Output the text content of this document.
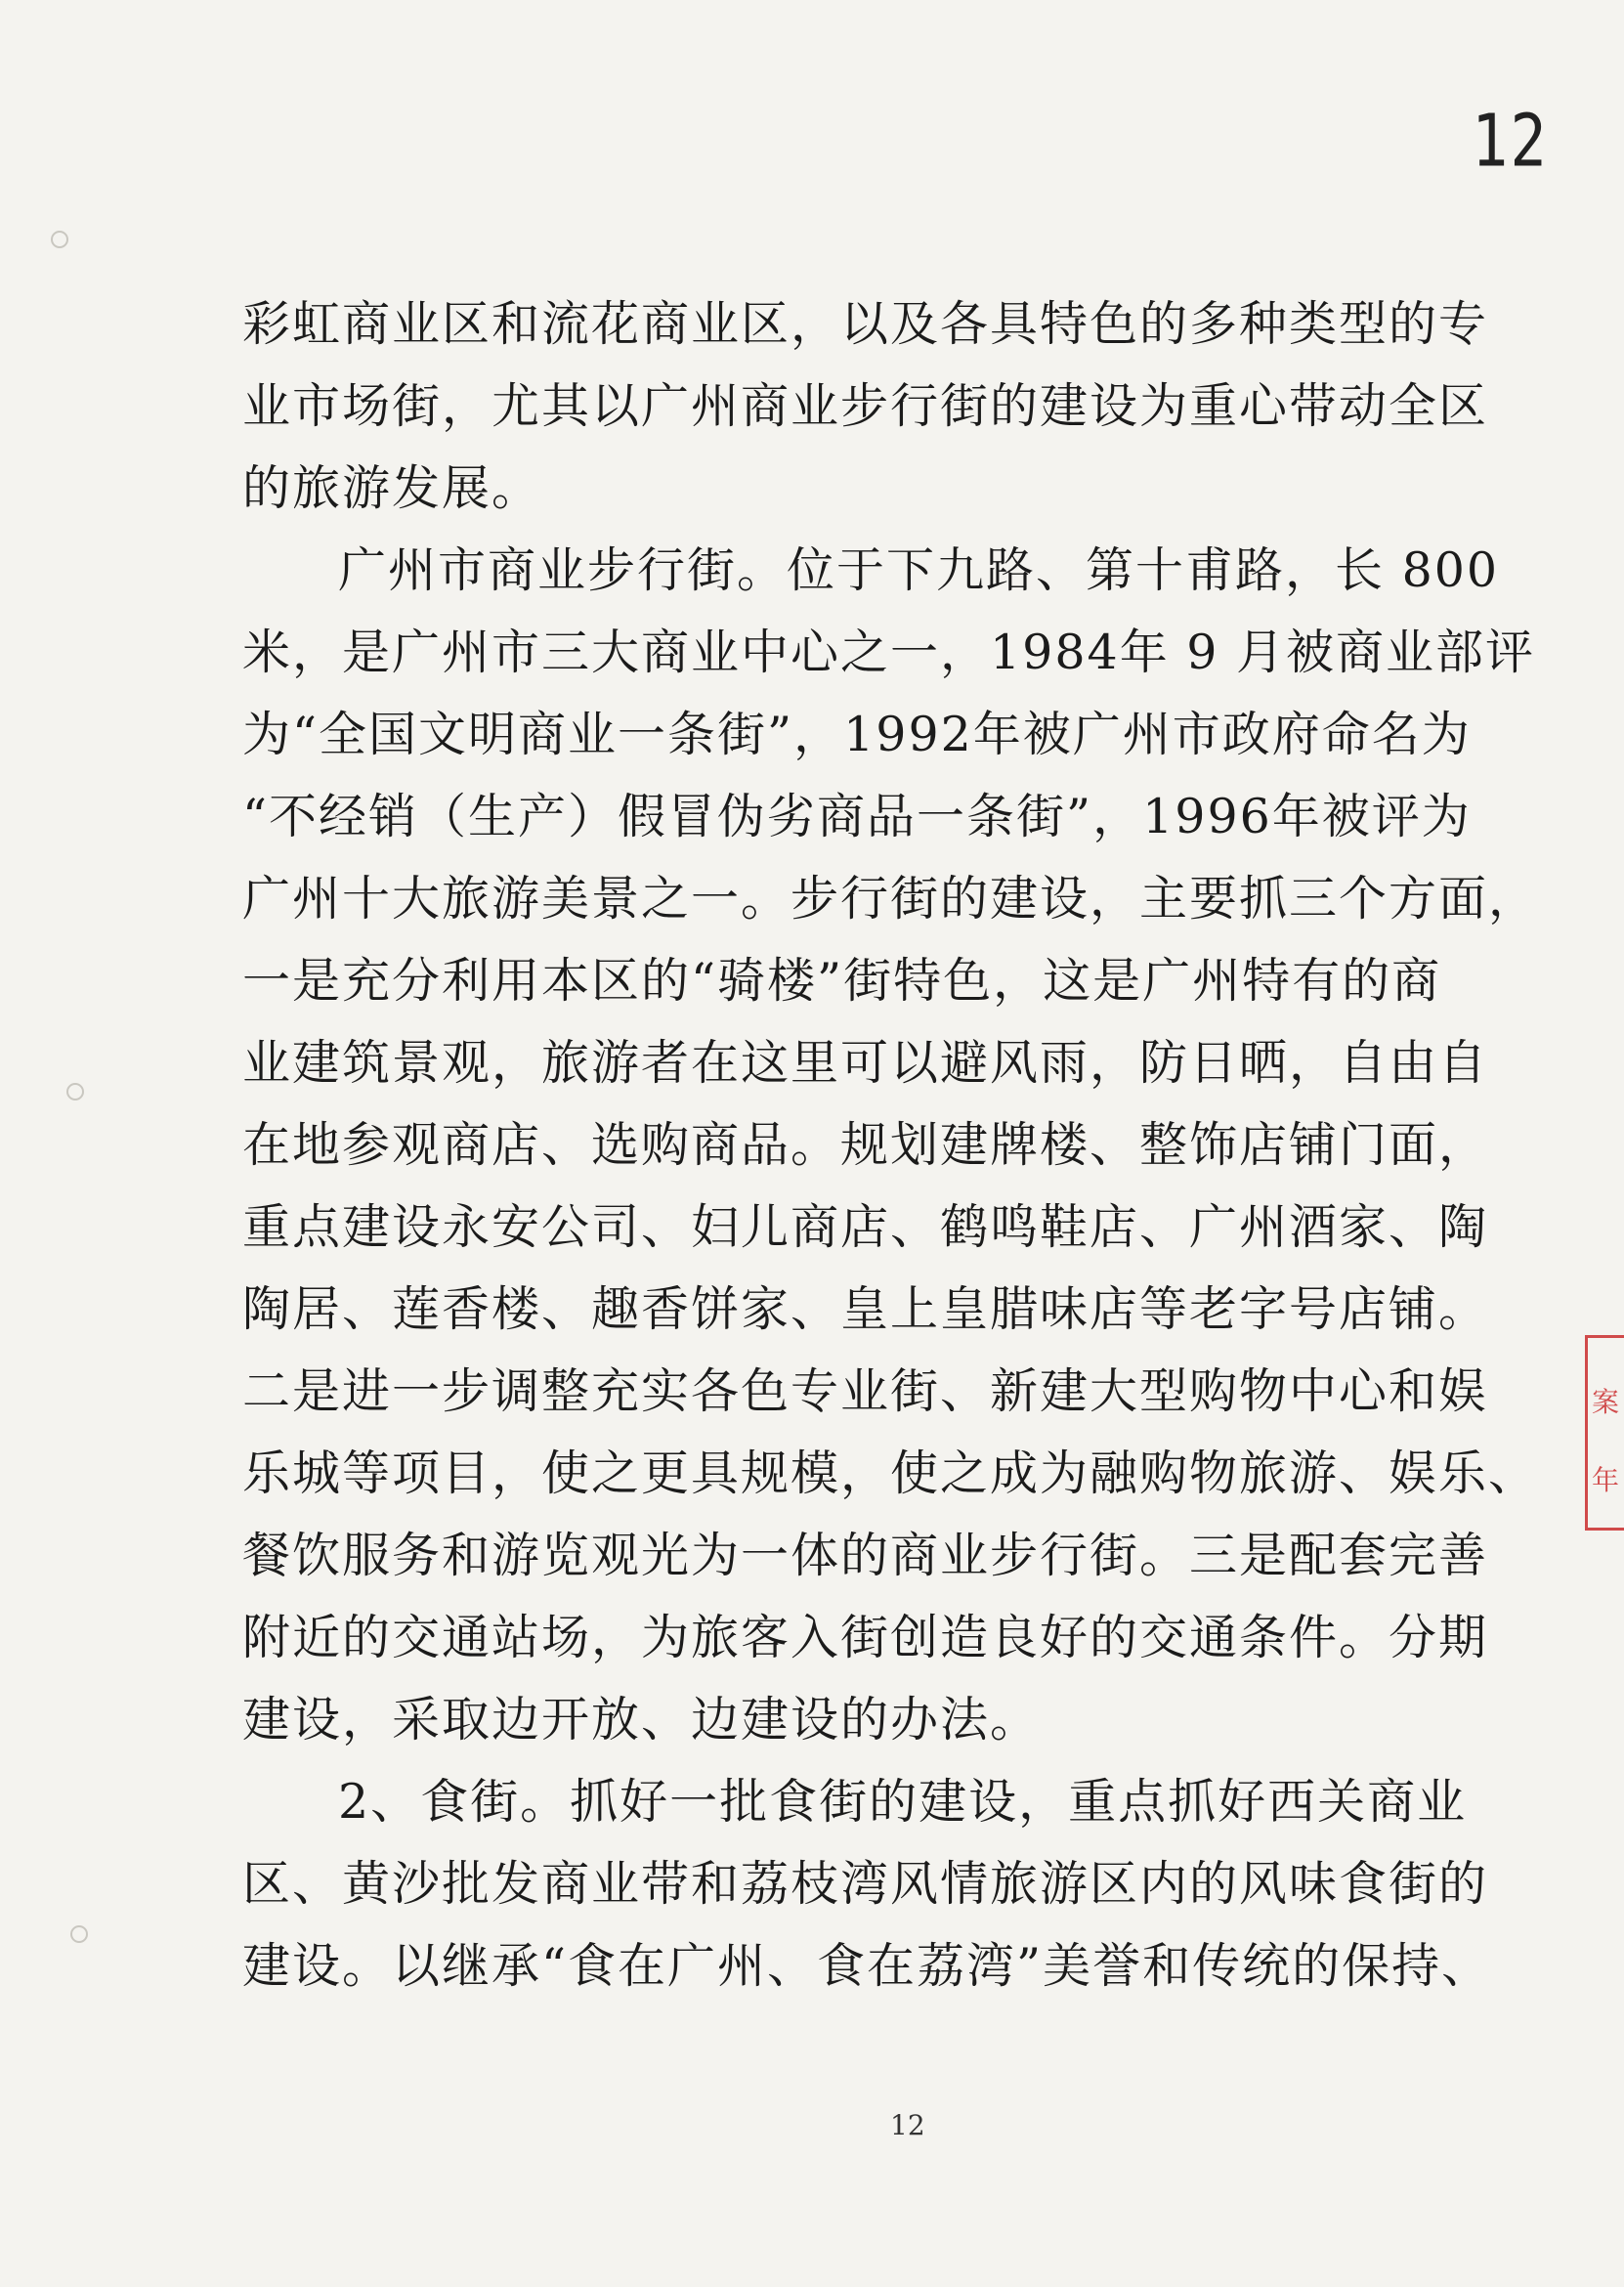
12
彩虹商业区和流花商业区，以及各具特色的多种类型的专
业市场街，尤其以广州商业步行街的建设为重心带动全区
的旅游发展。
广州市商业步行街。位于下九路、第十甫路，长 800
米，是广州市三大商业中心之一，1984年 9 月被商业部评
为“全国文明商业一条街”，1992年被广州市政府命名为
“不经销（生产）假冒伪劣商品一条街”，1996年被评为
广州十大旅游美景之一。步行街的建设，主要抓三个方面，
一是充分利用本区的“骑楼”街特色，这是广州特有的商
业建筑景观，旅游者在这里可以避风雨，防日晒，自由自
在地参观商店、选购商品。规划建牌楼、整饰店铺门面，
重点建设永安公司、妇儿商店、鹤鸣鞋店、广州酒家、陶
陶居、莲香楼、趣香饼家、皇上皇腊味店等老字号店铺。
二是进一步调整充实各色专业街、新建大型购物中心和娱
乐城等项目，使之更具规模，使之成为融购物旅游、娱乐、
餐饮服务和游览观光为一体的商业步行街。三是配套完善
附近的交通站场，为旅客入街创造良好的交通条件。分期
建设，采取边开放、边建设的办法。
2、食街。抓好一批食街的建设，重点抓好西关商业
区、黄沙批发商业带和荔枝湾风情旅游区内的风味食街的
建设。以继承“食在广州、食在荔湾”美誉和传统的保持、
12
案
年
